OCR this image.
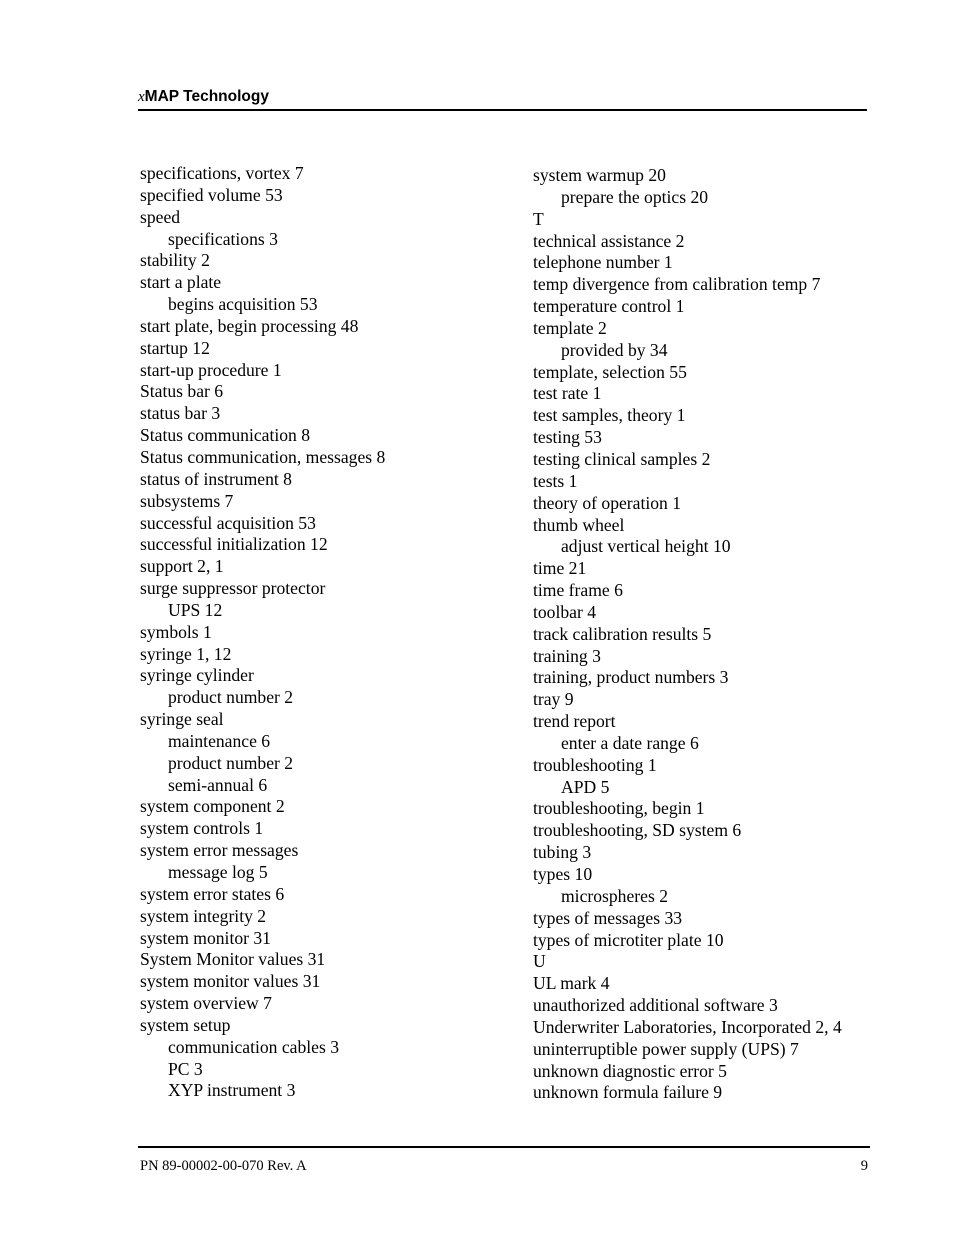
xMAP Technology
specifications, vortex 7
specified volume 53
speed
specifications 3
stability 2
start a plate
begins acquisition 53
start plate, begin processing 48
startup 12
start-up procedure 1
Status bar 6
status bar 3
Status communication 8
Status communication, messages 8
status of instrument 8
subsystems 7
successful acquisition 53
successful initialization 12
support 2, 1
surge suppressor protector
UPS 12
symbols 1
syringe 1, 12
syringe cylinder
product number 2
syringe seal
maintenance 6
product number 2
semi-annual 6
system component 2
system controls 1
system error messages
message log 5
system error states 6
system integrity 2
system monitor 31
System Monitor values 31
system monitor values 31
system overview 7
system setup
communication cables 3
PC 3
XYP instrument 3
system warmup 20
prepare the optics 20
T
technical assistance 2
telephone number 1
temp divergence from calibration temp 7
temperature control 1
template 2
provided by 34
template, selection 55
test rate 1
test samples, theory 1
testing 53
testing clinical samples 2
tests 1
theory of operation 1
thumb wheel
adjust vertical height 10
time 21
time frame 6
toolbar 4
track calibration results 5
training 3
training, product numbers 3
tray 9
trend report
enter a date range 6
troubleshooting 1
APD 5
troubleshooting, begin 1
troubleshooting, SD system 6
tubing 3
types 10
microspheres 2
types of messages 33
types of microtiter plate 10
U
UL mark 4
unauthorized additional software 3
Underwriter Laboratories, Incorporated 2, 4
uninterruptible power supply (UPS) 7
unknown diagnostic error 5
unknown formula failure 9
PN 89-00002-00-070 Rev. A	9
